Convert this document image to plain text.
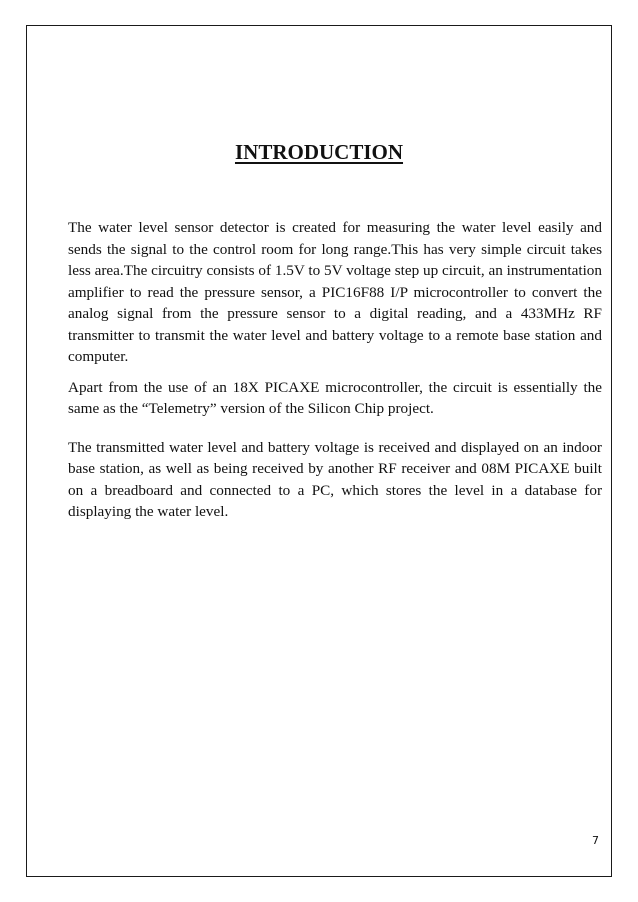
INTRODUCTION

The water level sensor detector is created for measuring the water level easily and sends the signal to the control room for long range.This has very simple circuit takes less area.The circuitry consists of 1.5V to 5V voltage step up circuit, an instrumentation amplifier to read the pressure sensor, a PIC16F88 I/P microcontroller to convert the analog signal from the pressure sensor to a digital reading, and a 433MHz RF transmitter to transmit the water level and battery voltage to a remote base station and computer.

Apart from the use of an 18X PICAXE microcontroller, the circuit is essentially the same as the “Telemetry” version of the Silicon Chip project.

The transmitted water level and battery voltage is received and displayed on an indoor base station, as well as being received by another RF receiver and 08M PICAXE built on a breadboard and connected to a PC, which stores the level in a database for displaying the water level.

7
